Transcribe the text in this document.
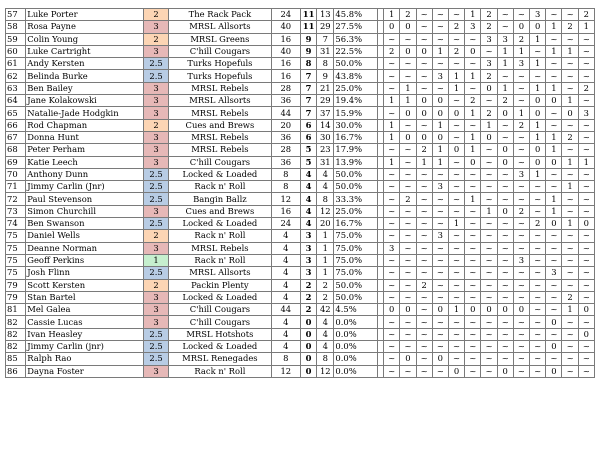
57	Luke Porter	2	The Rack Pack	24	11	13	45.8%		1	2	~	~	~	1	2	~	~	3	~	~	2
58	Rosa Payne	3	MRSL Allsorts	40	11	29	27.5%		0	0	~	~	2	3	2	~	0	0	1	2	1
59	Colin Young	2	MRSL Greens	16	9	7	56.3%		~	~	~	~	~	~	3	3	2	1	~	~	~
60	Luke Cartright	3	C'hill Cougars	40	9	31	22.5%		2	0	0	1	2	0	~	1	1	~	1	1	~
61	Andy Kersten	2.5	Turks Hopefuls	16	8	8	50.0%		~	~	~	~	~	~	3	1	3	1	~	~	~
62	Belinda Burke	2.5	Turks Hopefuls	16	7	9	43.8%		~	~	~	3	1	1	2	~	~	~	~	~	~
63	Ben Bailey	3	MRSL Rebels	28	7	21	25.0%		~	1	~	~	1	~	0	1	~	1	1	~	2
64	Jane Kolakowski	3	MRSL Allsorts	36	7	29	19.4%		1	1	0	0	~	2	~	2	~	0	0	1	~
65	Natalie-Jade Hodgkin	3	MRSL Rebels	44	7	37	15.9%		~	0	0	0	0	1	2	0	1	0	~	0	3
66	Rod Chapman	2	Cues and Brews	20	6	14	30.0%		1	~	~	1	~	~	1	~	2	1	~	~	~
67	Donna Hunt	3	MRSL Rebels	36	6	30	16.7%		1	0	0	0	~	1	0	~	~	1	1	2	~
68	Peter Perham	3	MRSL Rebels	28	5	23	17.9%		~	~	2	1	0	1	~	0	~	0	1	~	~
69	Katie Leech	3	C'hill Cougars	36	5	31	13.9%		1	~	1	1	~	0	~	0	~	0	0	1	1
70	Anthony Dunn	2.5	Locked & Loaded	8	4	4	50.0%		~	~	~	~	~	~	~	~	3	1	~	~	~
71	Jimmy Carlin (Jnr)	2.5	Rack n' Roll	8	4	4	50.0%		~	~	~	3	~	~	~	~	~	~	~	1	~
72	Paul Stevenson	2.5	Bangin Ballz	12	4	8	33.3%		~	2	~	~	~	1	~	~	~	~	1	~	~
73	Simon Churchill	3	Cues and Brews	16	4	12	25.0%		~	~	~	~	~	~	1	0	2	~	1	~	~
74	Ben Swanson	2.5	Locked & Loaded	24	4	20	16.7%		~	~	~	~	1	~	~	~	~	2	0	1	0
75	Daniel Wells	2	Rack n' Roll	4	3	1	75.0%		~	~	~	3	~	~	~	~	~	~	~	~	~
75	Deanne Norman	3	MRSL Rebels	4	3	1	75.0%		3	~	~	~	~	~	~	~	~	~	~	~	~
75	Geoff Perkins	1	Rack n' Roll	4	3	1	75.0%		~	~	~	~	~	~	~	~	3	~	~	~	~
75	Josh Flinn	2.5	MRSL Allsorts	4	3	1	75.0%		~	~	~	~	~	~	~	~	~	~	3	~	~
79	Scott Kersten	2	Packin Plenty	4	2	2	50.0%		~	~	2	~	~	~	~	~	~	~	~	~	~
79	Stan Bartel	3	Locked & Loaded	4	2	2	50.0%		~	~	~	~	~	~	~	~	~	~	~	2	~
81	Mel Galea	3	C'hill Cougars	44	2	42	4.5%		0	0	~	0	1	0	0	0	0	~	~	1	0
82	Cassie Lucas	3	C'hill Cougars	4	0	4	0.0%		~	~	~	~	~	~	~	~	~	~	0	~	~
82	Ivan Heasley	2.5	MRSL Hotshots	4	0	4	0.0%		~	~	~	~	~	~	~	~	~	~	~	~	0
82	Jimmy Carlin (jnr)	2.5	Locked & Loaded	4	0	4	0.0%		~	~	~	~	~	~	~	~	~	~	0	~	~
85	Ralph Rao	2.5	MRSL Renegades	8	0	8	0.0%		~	0	~	0	~	~	~	~	~	~	~	~	~
86	Dayna Foster	3	Rack n' Roll	12	0	12	0.0%		~	~	~	~	0	~	~	0	~	~	0	~	~
